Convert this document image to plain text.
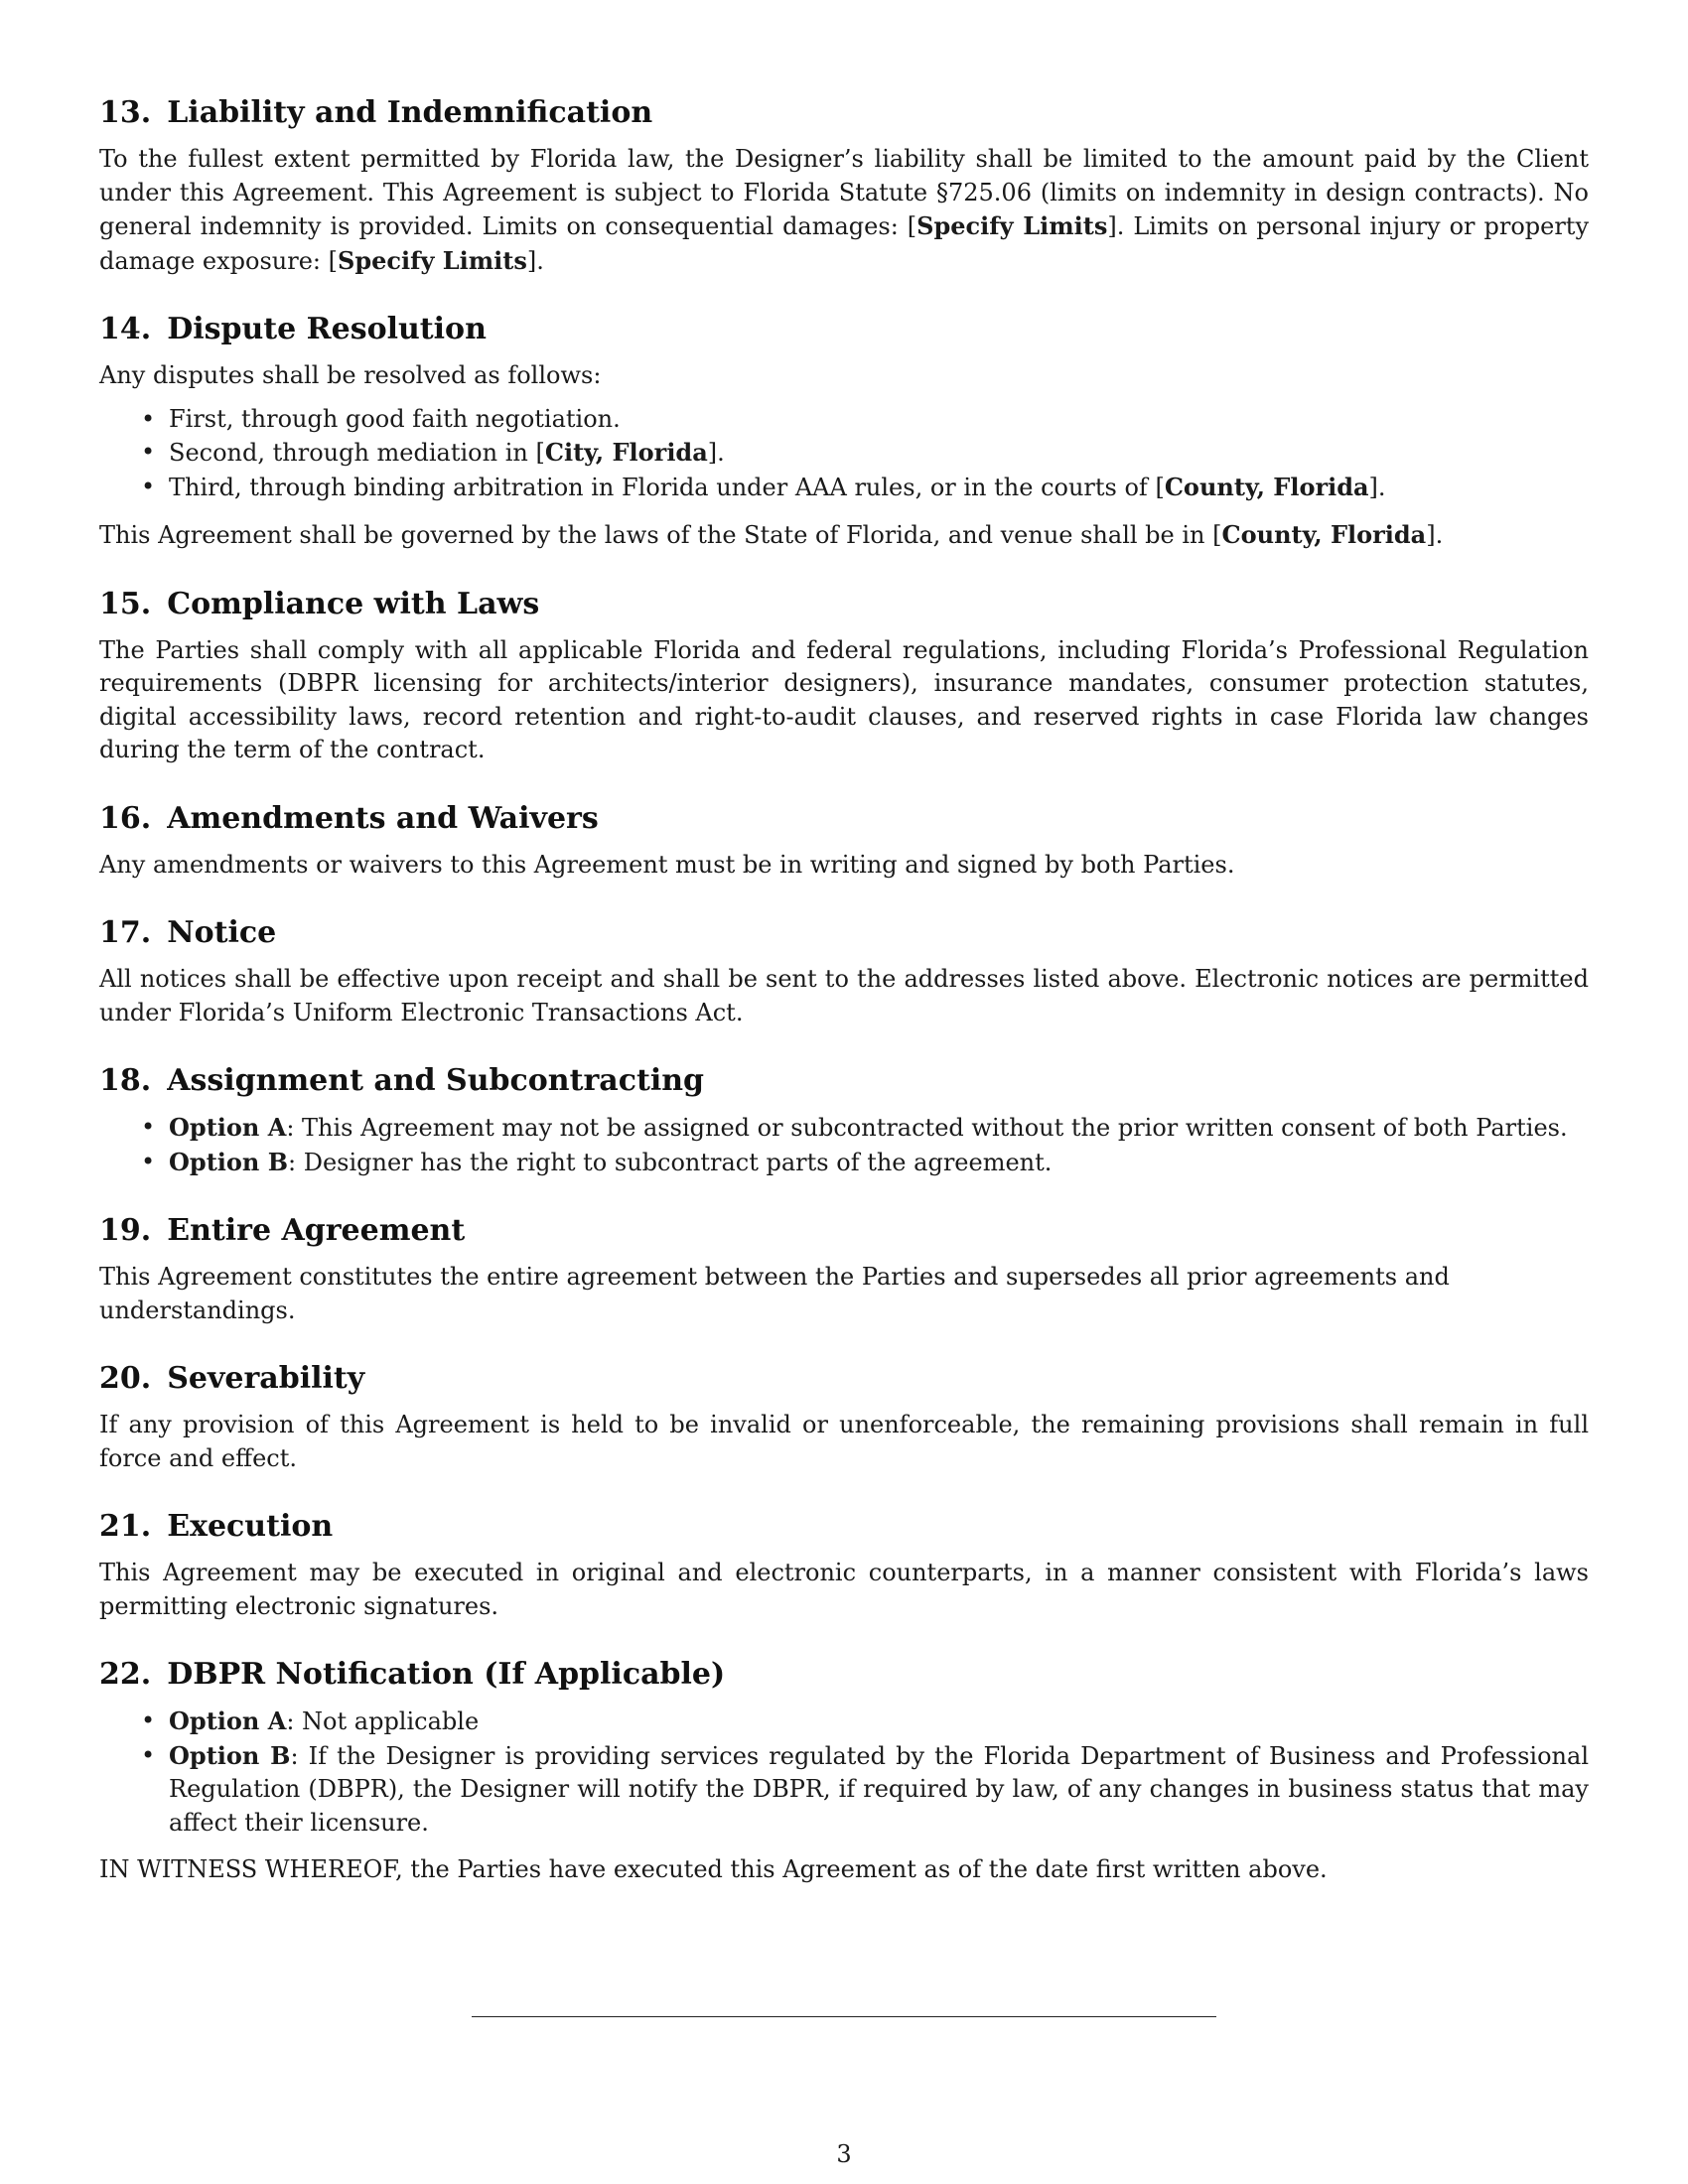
13. Liability and Indemnification

To the fullest extent permitted by Florida law, the Designer’s liability shall be limited to the amount paid by the Client under this Agreement. This Agreement is subject to Florida Statute §725.06 (limits on indemnity in design contracts). No general indemnity is provided. Limits on consequential damages: [Specify Limits]. Limits on personal injury or property damage exposure: [Specify Limits].

14. Dispute Resolution

Any disputes shall be resolved as follows:

• First, through good faith negotiation.
• Second, through mediation in [City, Florida].
• Third, through binding arbitration in Florida under AAA rules, or in the courts of [County, Florida].

This Agreement shall be governed by the laws of the State of Florida, and venue shall be in [County, Florida].

15. Compliance with Laws

The Parties shall comply with all applicable Florida and federal regulations, including Florida’s Professional Regulation requirements (DBPR licensing for architects/interior designers), insurance mandates, consumer protection statutes, digital accessibility laws, record retention and right-to-audit clauses, and reserved rights in case Florida law changes during the term of the contract.

16. Amendments and Waivers

Any amendments or waivers to this Agreement must be in writing and signed by both Parties.

17. Notice

All notices shall be effective upon receipt and shall be sent to the addresses listed above. Electronic notices are permitted under Florida’s Uniform Electronic Transactions Act.

18. Assignment and Subcontracting
• Option A: This Agreement may not be assigned or subcontracted without the prior written consent of both Parties.
• Option B: Designer has the right to subcontract parts of the agreement.
19. Entire Agreement

This Agreement constitutes the entire agreement between the Parties and supersedes all prior agreements and understandings.

20. Severability

If any provision of this Agreement is held to be invalid or unenforceable, the remaining provisions shall remain in full force and effect.

21. Execution

This Agreement may be executed in original and electronic counterparts, in a manner consistent with Florida’s laws permitting electronic signatures.

22. DBPR Notification (If Applicable)
• Option A: Not applicable
• Option B: If the Designer is providing services regulated by the Florida Department of Business and Professional Regulation (DBPR), the Designer will notify the DBPR, if required by law, of any changes in business status that may affect their licensure.

IN WITNESS WHEREOF, the Parties have executed this Agreement as of the date first written above.

3
